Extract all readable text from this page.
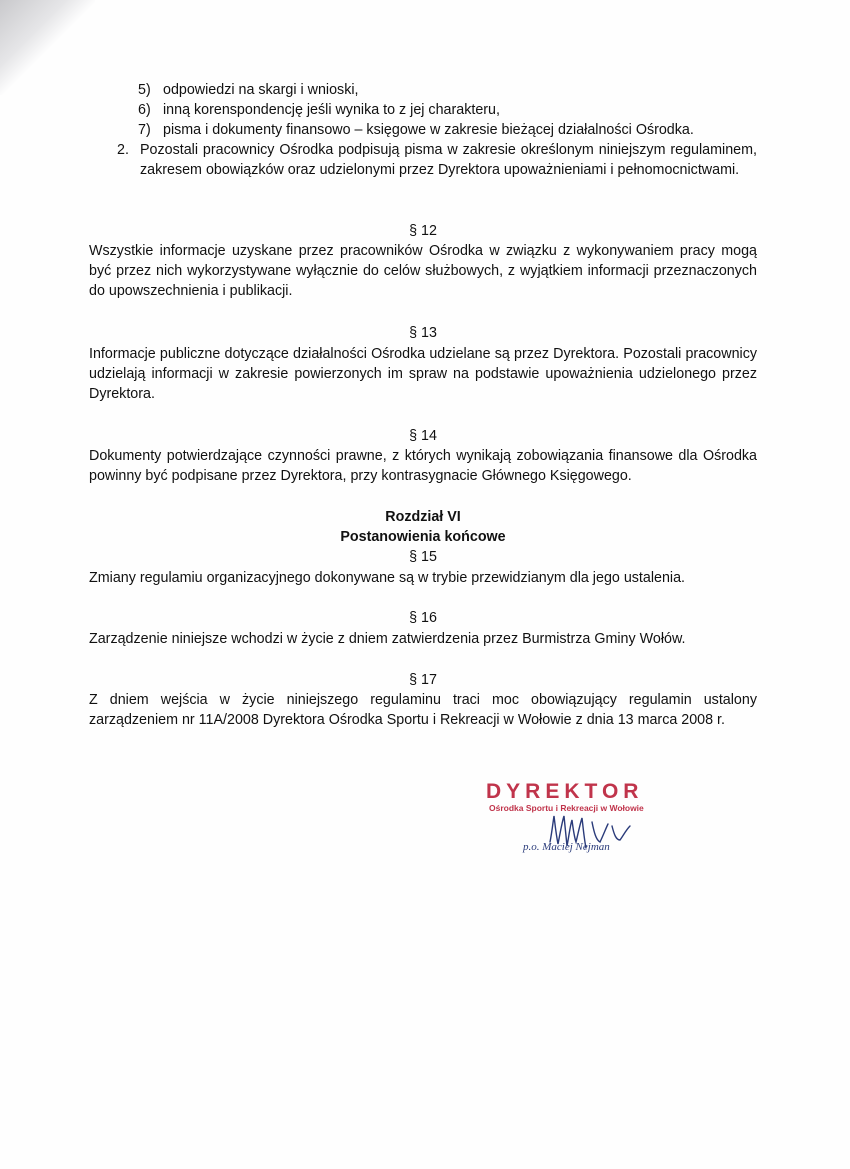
5) odpowiedzi na skargi i wnioski,
6) inną korenspondencję jeśli wynika to z jej charakteru,
7) pisma i dokumenty finansowo – księgowe w zakresie bieżącej działalności Ośrodka.
2. Pozostali pracownicy Ośrodka podpisują pisma w zakresie określonym niniejszym regulaminem, zakresem obowiązków oraz udzielonymi przez Dyrektora upoważnieniami i pełnomocnictwami.
§ 12
Wszystkie informacje uzyskane przez pracowników Ośrodka w związku z wykonywaniem pracy mogą być przez nich wykorzystywane wyłącznie do celów służbowych, z wyjątkiem informacji przeznaczonych do upowszechnienia i publikacji.
§ 13
Informacje publiczne dotyczące działalności Ośrodka udzielane są przez Dyrektora. Pozostali pracownicy udzielają informacji w zakresie powierzonych im spraw na podstawie upoważnienia udzielonego przez Dyrektora.
§ 14
Dokumenty potwierdzające czynności prawne, z których wynikają zobowiązania finansowe dla Ośrodka powinny być podpisane przez Dyrektora, przy kontrasygnacie Głównego Księgowego.
Rozdział VI
Postanowienia końcowe
§ 15
Zmiany regulamiu organizacyjnego dokonywane są w trybie przewidzianym dla jego ustalenia.
§ 16
Zarządzenie niniejsze wchodzi w życie z dniem zatwierdzenia przez Burmistrza Gminy Wołów.
§ 17
Z dniem wejścia w życie niniejszego regulaminu traci moc obowiązujący regulamin ustalony zarządzeniem nr 11A/2008 Dyrektora Ośrodka Sportu i Rekreacji w Wołowie z dnia 13 marca 2008 r.
DYREKTOR
Ośrodka Sportu i Rekreacji w Wołowie
p.o. Maciej Nejman
